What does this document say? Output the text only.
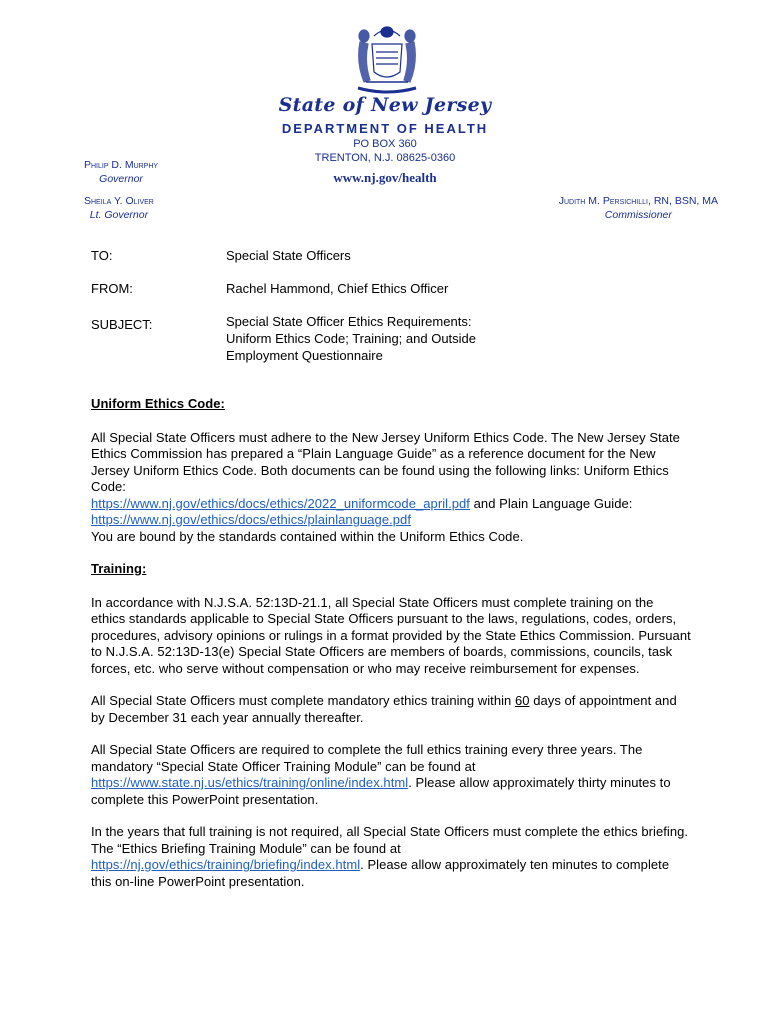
State of New Jersey
DEPARTMENT OF HEALTH
PO BOX 360
TRENTON, N.J. 08625-0360
www.nj.gov/health
Philip D. Murphy
Governor
Sheila Y. Oliver
Lt. Governor
Judith M. Persichilli, RN, BSN, MA
Commissioner
TO:	Special State Officers
FROM:	Rachel Hammond, Chief Ethics Officer
SUBJECT:	Special State Officer Ethics Requirements: Uniform Ethics Code; Training; and Outside Employment Questionnaire
Uniform Ethics Code:
All Special State Officers must adhere to the New Jersey Uniform Ethics Code. The New Jersey State Ethics Commission has prepared a “Plain Language Guide” as a reference document for the New Jersey Uniform Ethics Code. Both documents can be found using the following links: Uniform Ethics Code:
https://www.nj.gov/ethics/docs/ethics/2022_uniformcode_april.pdf and Plain Language Guide:
https://www.nj.gov/ethics/docs/ethics/plainlanguage.pdf
You are bound by the standards contained within the Uniform Ethics Code.
Training:
In accordance with N.J.S.A. 52:13D-21.1, all Special State Officers must complete training on the ethics standards applicable to Special State Officers pursuant to the laws, regulations, codes, orders, procedures, advisory opinions or rulings in a format provided by the State Ethics Commission. Pursuant to N.J.S.A. 52:13D-13(e) Special State Officers are members of boards, commissions, councils, task forces, etc. who serve without compensation or who may receive reimbursement for expenses.
All Special State Officers must complete mandatory ethics training within 60 days of appointment and by December 31 each year annually thereafter.
All Special State Officers are required to complete the full ethics training every three years. The mandatory “Special State Officer Training Module” can be found at
https://www.state.nj.us/ethics/training/online/index.html. Please allow approximately thirty minutes to complete this PowerPoint presentation.
In the years that full training is not required, all Special State Officers must complete the ethics briefing. The “Ethics Briefing Training Module” can be found at
https://nj.gov/ethics/training/briefing/index.html. Please allow approximately ten minutes to complete this on-line PowerPoint presentation.
